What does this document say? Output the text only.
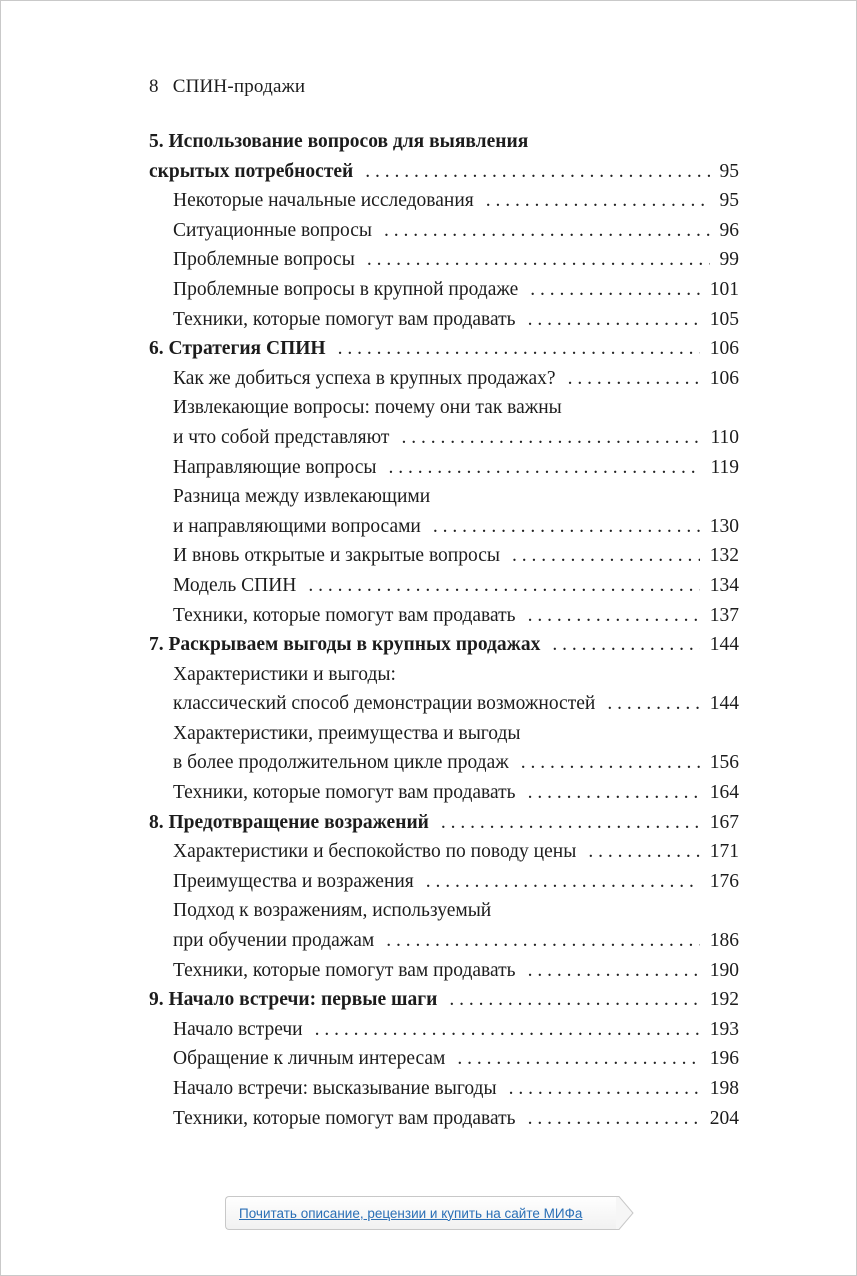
8 СПИН-продажи
5. Использование вопросов для выявления
скрытых потребностей . . .	95
Некоторые начальные исследования . . .	95
Ситуационные вопросы . . .	96
Проблемные вопросы . . .	99
Проблемные вопросы в крупной продаже . . .	101
Техники, которые помогут вам продавать . . .	105
6. Стратегия СПИН . . .	106
Как же добиться успеха в крупных продажах? . . .	106
Извлекающие вопросы: почему они так важны
и что собой представляют . . .	110
Направляющие вопросы . . .	119
Разница между извлекающими
и направляющими вопросами . . .	130
И вновь открытые и закрытые вопросы . . .	132
Модель СПИН . . .	134
Техники, которые помогут вам продавать . . .	137
7. Раскрываем выгоды в крупных продажах . . .	144
Характеристики и выгоды:
классический способ демонстрации возможностей . . .	144
Характеристики, преимущества и выгоды
в более продолжительном цикле продаж . . .	156
Техники, которые помогут вам продавать . . .	164
8. Предотвращение возражений . . .	167
Характеристики и беспокойство по поводу цены . . .	171
Преимущества и возражения . . .	176
Подход к возражениям, используемый
при обучении продажам . . .	186
Техники, которые помогут вам продавать . . .	190
9. Начало встречи: первые шаги . . .	192
Начало встречи . . .	193
Обращение к личным интересам . . .	196
Начало встречи: высказывание выгоды . . .	198
Техники, которые помогут вам продавать . . .	204
Почитать описание, рецензии и купить на сайте МИФа
